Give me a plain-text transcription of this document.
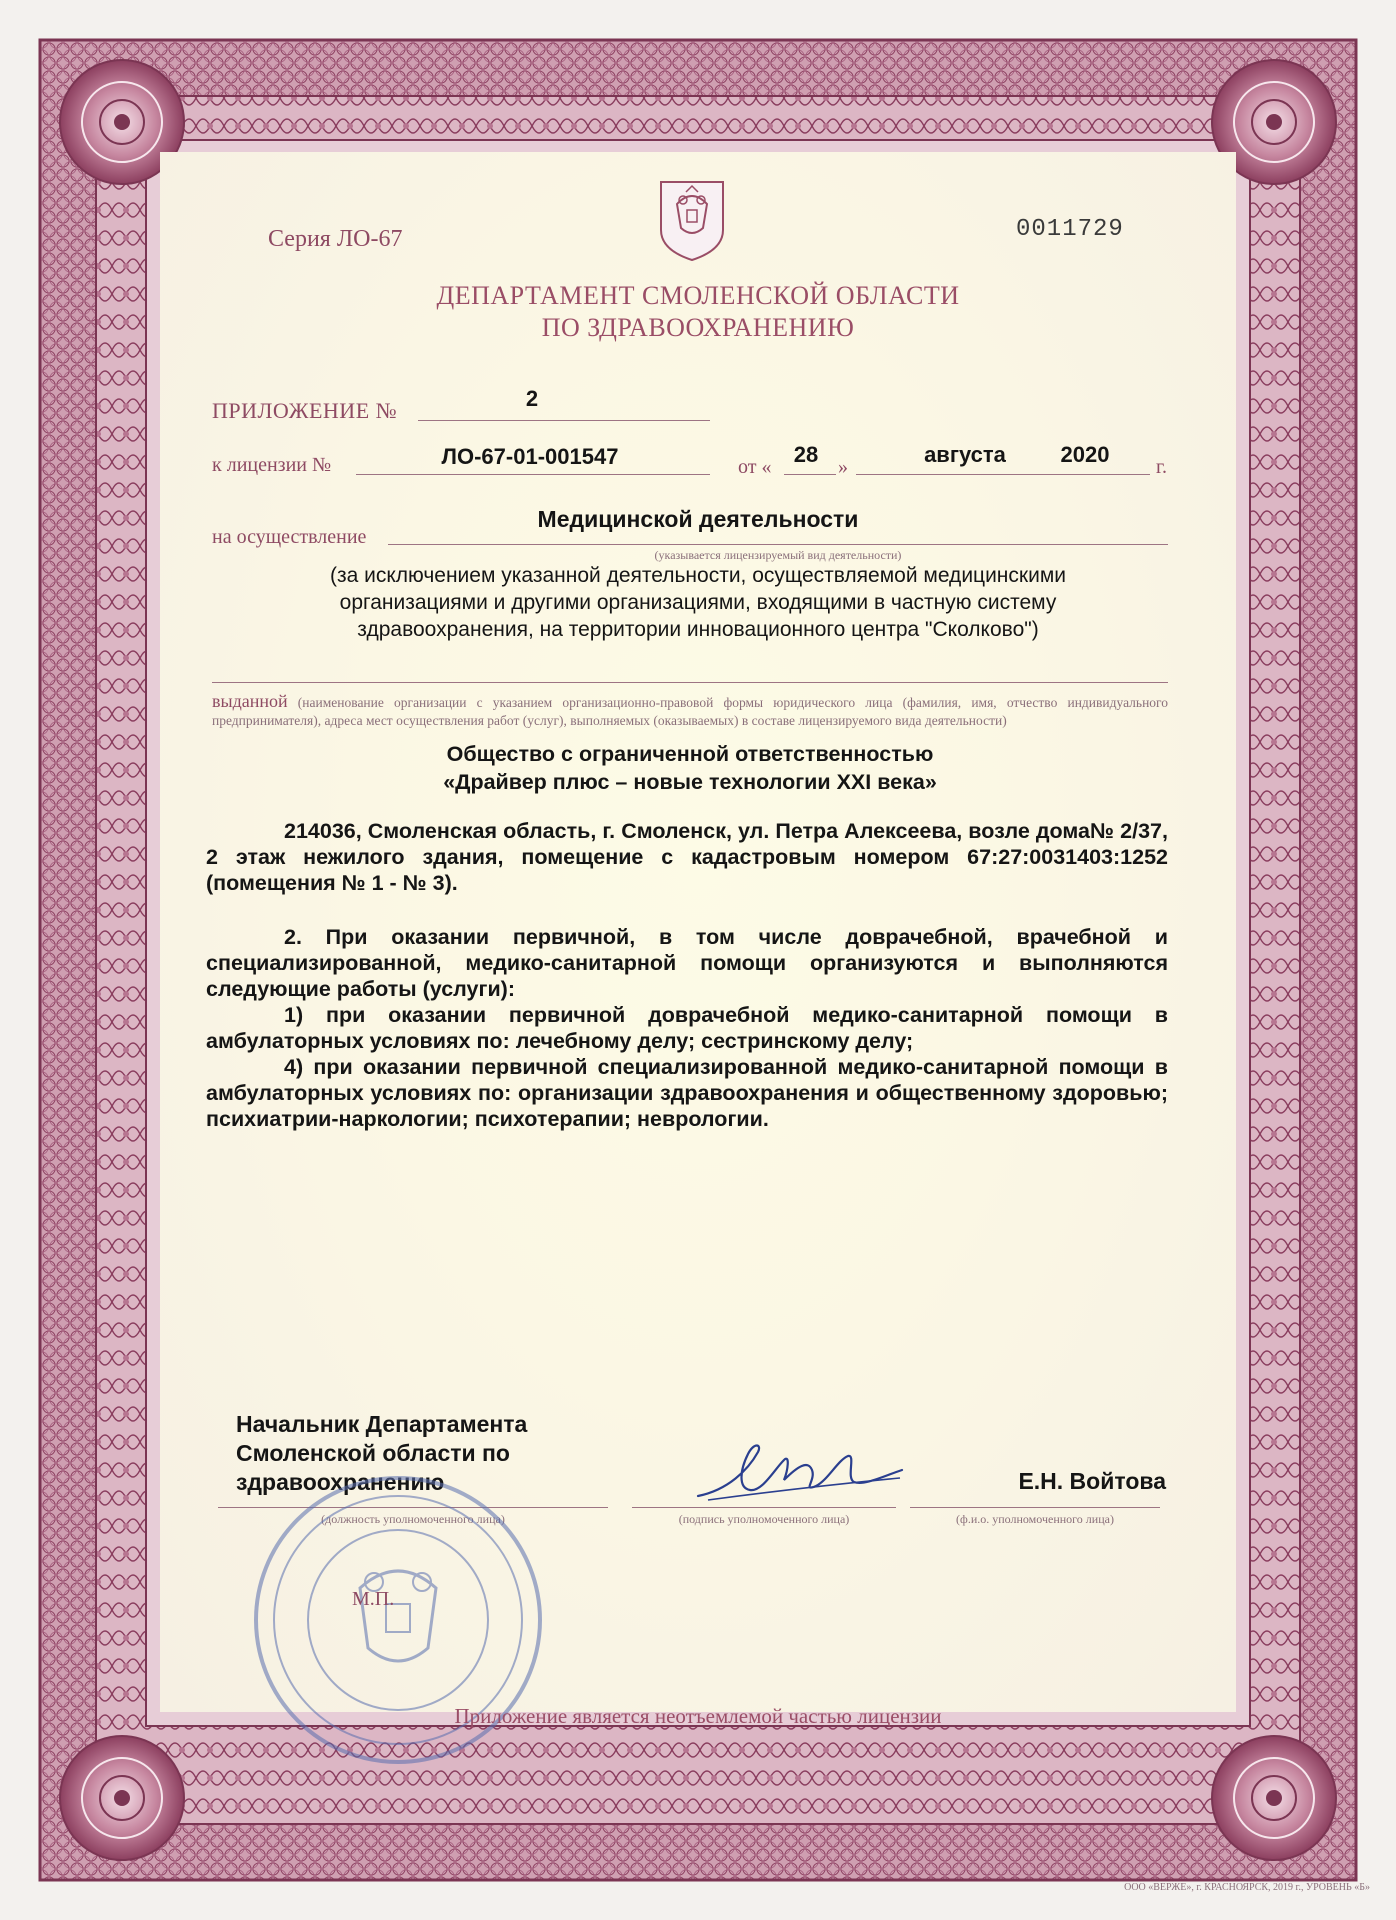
Серия ЛО-67	0011729
ДЕПАРТАМЕНТ СМОЛЕНСКОЙ ОБЛАСТИ
ПО ЗДРАВООХРАНЕНИЮ
ПРИЛОЖЕНИЕ №	2
к лицензии №	ЛО-67-01-001547	от «	28 »	августа	2020	г.
Медицинской деятельности
на осуществление
(указывается лицензируемый вид деятельности)
(за исключением указанной деятельности, осуществляемой медицинскими организациями и другими организациями, входящими в частную систему здравоохранения, на территории инновационного центра "Сколково")
выданной (наименование организации с указанием организационно-правовой формы юридического лица (фамилия, имя, отчество индивидуального предпринимателя), адреса мест осуществления работ (услуг), выполняемых (оказываемых) в составе лицензируемого вида деятельности)
Общество с ограниченной ответственностью
«Драйвер плюс – новые технологии XXI века»
214036, Смоленская область, г. Смоленск, ул. Петра Алексеева, возле дома№ 2/37, 2 этаж нежилого здания, помещение с кадастровым номером 67:27:0031403:1252 (помещения № 1 - № 3).
2. При оказании первичной, в том числе доврачебной, врачебной и специализированной, медико-санитарной помощи организуются и выполняются следующие работы (услуги):
1) при оказании первичной доврачебной медико-санитарной помощи в амбулаторных условиях по: лечебному делу; сестринскому делу;
4) при оказании первичной специализированной медико-санитарной помощи в амбулаторных условиях по: организации здравоохранения и общественному здоровью; психиатрии-наркологии; психотерапии; неврологии.
Начальник Департамента
Смоленской области по
здравоохранению
(должность уполномоченного лица)	(подпись уполномоченного лица)
Е.Н. Войтова
(ф.и.о. уполномоченного лица)
М.П.
Приложение является неотъемлемой частью лицензии
ООО «ВЕРЖЕ», г. КРАСНОЯРСК, 2019 г., УРОВЕНЬ «Б»
